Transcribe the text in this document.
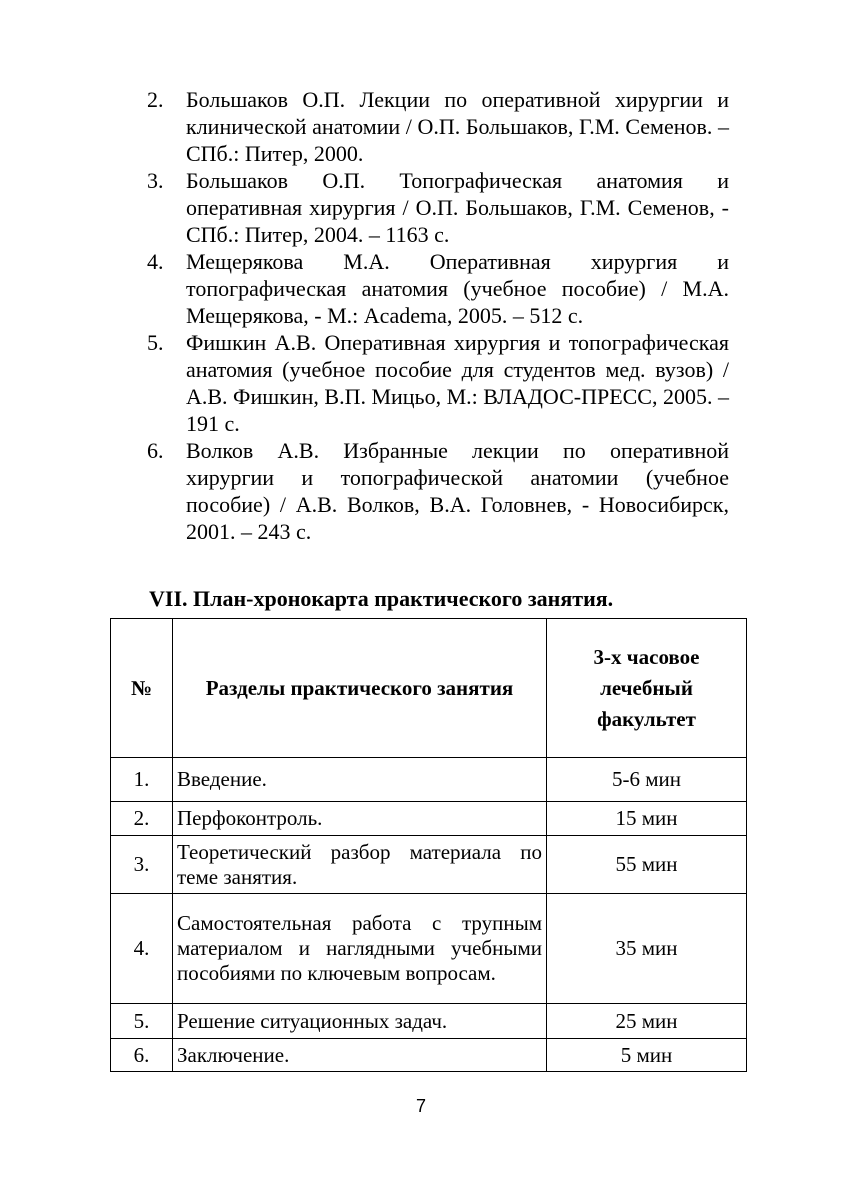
2.	Большаков О.П. Лекции по оперативной хирургии и клинической анатомии / О.П. Большаков, Г.М. Семенов. – СПб.: Питер, 2000.
3.	Большаков О.П. Топографическая анатомия и оперативная хирургия / О.П. Большаков, Г.М. Семенов, - СПб.: Питер, 2004. – 1163 с.
4.	Мещерякова М.А. Оперативная хирургия и топографическая анатомия (учебное пособие) / М.А. Мещерякова, - М.: Academa, 2005. – 512 с.
5.	Фишкин А.В. Оперативная хирургия и топографическая анатомия (учебное пособие для студентов мед. вузов) / А.В. Фишкин, В.П. Мицьо, М.: ВЛАДОС-ПРЕСС, 2005. – 191 с.
6.	Волков А.В. Избранные лекции по оперативной хирургии и топографической анатомии (учебное пособие) / А.В. Волков, В.А. Головнев, - Новосибирск, 2001. – 243 с.
VII. План-хронокарта практического занятия.
№	Разделы практического занятия	3-х часовое лечебный факультет
1.	Введение.	5-6 мин
2.	Перфоконтроль.	15 мин
3.	Теоретический разбор материала по теме занятия.	55 мин
4.	Самостоятельная работа с трупным материалом и наглядными учебными пособиями по ключевым вопросам.	35 мин
5.	Решение ситуационных задач.	25 мин
6.	Заключение.	5 мин
7
